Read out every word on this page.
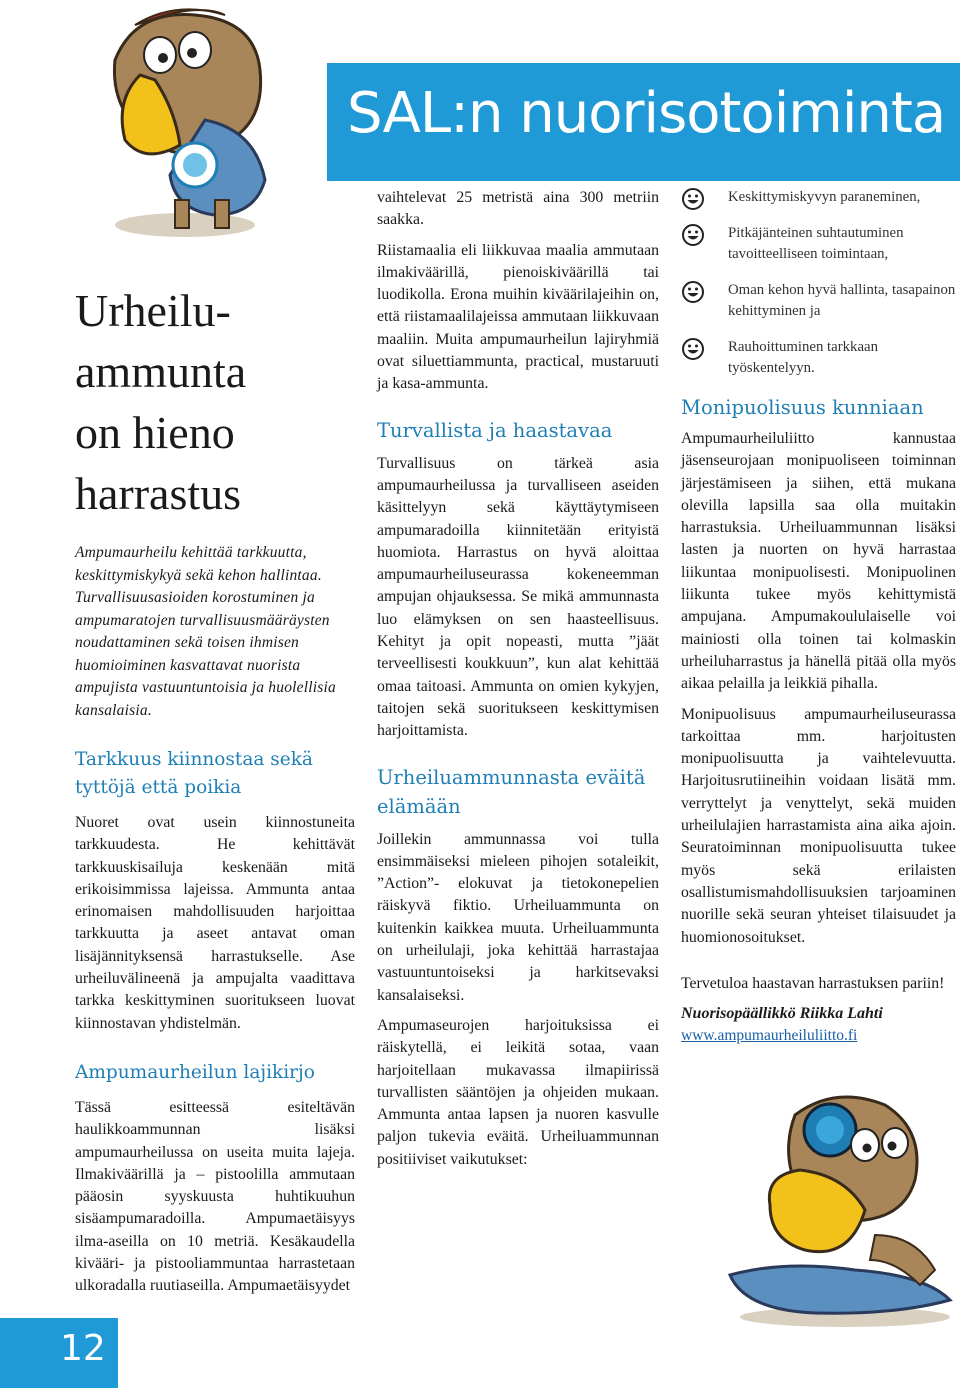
SAL:n nuorisotoiminta
Urheilu-
ammunta
on hieno
harrastus
Ampumaurheilu kehittää tarkkuutta, keskittymiskykyä sekä kehon hallintaa. Turvallisuusasioiden korostuminen ja ampumaratojen turvallisuusmääräysten noudattaminen sekä toisen ihmisen huomioiminen kasvattavat nuorista ampujista vastuuntuntoisia ja huolellisia kansalaisia.
Tarkkuus kiinnostaa sekä tyttöjä että poikia

Nuoret ovat usein kiinnostuneita tarkkuudesta. He kehittävät tarkkuuskisailuja keskenään mitä erikoisimmissa lajeissa. Ammunta antaa erinomaisen mahdollisuuden harjoittaa tarkkuutta ja aseet antavat oman lisäjännityksensä harrastukselle. Ase urheiluvälineenä ja ampujalta vaadittava tarkka keskittyminen suoritukseen luovat kiinnostavan yhdistelmän.

Ampumaurheilun lajikirjo

Tässä esitteessä esiteltävän haulikkoammunnan lisäksi ampumaurheilussa on useita muita lajeja. Ilmakiväärillä ja – pistoolilla ammutaan pääosin syyskuusta huhtikuuhun sisäampumaradoilla. Ampumaetäisyys ilma-aseilla on 10 metriä. Kesäkaudella kivääri- ja pistooliammuntaa harrastetaan ulkoradalla ruutiaseilla. Ampumaetäisyydet

vaihtelevat 25 metristä aina 300 metriin saakka.

Riistamaalia eli liikkuvaa maalia ammutaan ilmakiväärillä, pienoiskiväärillä tai luodikolla. Erona muihin kiväärilajeihin on, että riistamaalilajeissa ammutaan liikkuvaan maaliin. Muita ampumaurheilun lajiryhmiä ovat siluettiammunta, practical, mustaruuti ja kasa-ammunta.

Turvallista ja haastavaa

Turvallisuus on tärkeä asia ampumaurheilussa ja turvalliseen aseiden käsittelyyn sekä käyttäytymiseen ampumaradoilla kiinnitetään erityistä huomiota. Harrastus on hyvä aloittaa ampumaurheiluseurassa kokeneemman ampujan ohjauksessa. Se mikä ammunnasta luo elämyksen on sen haasteellisuus. Kehityt ja opit nopeasti, mutta ”jäät terveellisesti koukkuun”, kun alat kehittää omaa taitoasi. Ammunta on omien kykyjen, taitojen sekä suoritukseen keskittymisen harjoittamista.

Urheiluammunnasta eväitä elämään

Joillekin ammunnassa voi tulla ensimmäiseksi mieleen pihojen sotaleikit, ”Action”- elokuvat ja tietokonepelien räiskyvä fiktio. Urheiluammunta on kuitenkin kaikkea muuta. Urheiluammunta on urheilulaji, joka kehittää harrastajaa vastuuntuntoiseksi ja harkitsevaksi kansalaiseksi.

Ampumaseurojen harjoituksissa ei räiskytellä, ei leikitä sotaa, vaan harjoitellaan mukavassa ilmapiirissä turvallisten sääntöjen ja ohjeiden mukaan. Ammunta antaa lapsen ja nuoren kasvulle paljon tukevia eväitä. Urheiluammunnan positiiviset vaikutukset:

Keskittymiskyvyn paraneminen,
Pitkäjänteinen suhtautuminen tavoitteelliseen toimintaan,
Oman kehon hyvä hallinta, tasapainon kehittyminen ja
Rauhoittuminen tarkkaan työskentelyyn.
Monipuolisuus kunniaan

Ampumaurheiluliitto kannustaa jäsenseurojaan monipuoliseen toiminnan järjestämiseen ja siihen, että mukana olevilla lapsilla saa olla muitakin harrastuksia. Urheiluammunnan lisäksi lasten ja nuorten on hyvä harrastaa liikuntaa monipuolisesti. Monipuolinen liikunta tukee myös kehittymistä ampujana. Ampumakoululaiselle voi mainiosti olla toinen tai kolmaskin urheiluharrastus ja hänellä pitää olla myös aikaa pelailla ja leikkiä pihalla.

Monipuolisuus ampumaurheiluseurassa tarkoittaa mm. harjoitusten monipuolisuutta ja vaihtelevuutta. Harjoitusrutiineihin voidaan lisätä mm. verryttelyt ja venyttelyt, sekä muiden urheilulajien harrastamista aina aika ajoin. Seuratoiminnan monipuolisuutta tukee myös sekä erilaisten osallistumismahdollisuuksien tarjoaminen nuorille sekä seuran yhteiset tilaisuudet ja huomionosoitukset.

Tervetuloa haastavan harrastuksen pariin!

Nuorisopäällikkö Riikka Lahti
www.ampumaurheiluliitto.fi
12
